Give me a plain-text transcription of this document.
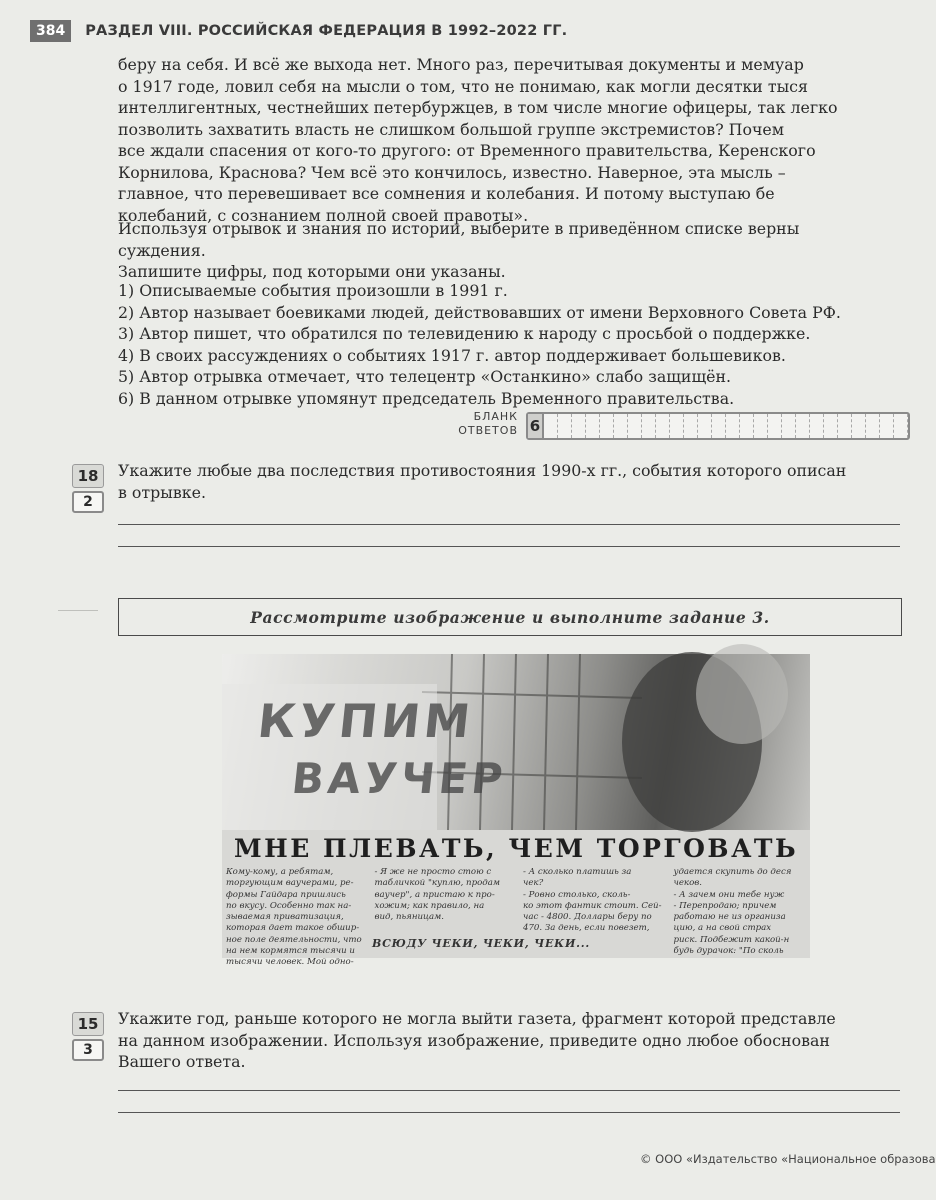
384	РАЗДЕЛ VIII. РОССИЙСКАЯ ФЕДЕРАЦИЯ В 1992–2022 ГГ.
беру на себя. И всё же выхода нет. Много раз, перечитывая документы и мемуар
о 1917 годе, ловил себя на мысли о том, что не понимаю, как могли десятки тыся
интеллигентных, честнейших петербуржцев, в том числе многие офицеры, так легко
позволить захватить власть не слишком большой группе экстремистов? Почем
все ждали спасения от кого-то другого: от Временного правительства, Керенского
Корнилова, Краснова? Чем всё это кончилось, известно. Наверное, эта мысль –
главное, что перевешивает все сомнения и колебания. И потому выступаю бе
колебаний, с сознанием полной своей правоты».
Используя отрывок и знания по истории, выберите в приведённом списке верны
суждения.
Запишите цифры, под которыми они указаны.
1) Описываемые события произошли в 1991 г.
2) Автор называет боевиками людей, действовавших от имени Верховного Совета РФ.
3) Автор пишет, что обратился по телевидению к народу с просьбой о поддержке.
4) В своих рассуждениях о событиях 1917 г. автор поддерживает большевиков.
5) Автор отрывка отмечает, что телецентр «Останкино» слабо защищён.
6) В данном отрывке упомянут председатель Временного правительства.
БЛАНК
ОТВЕТОВ 6
18
2
Укажите любые два последствия противостояния 1990-х гг., события которого описан
в отрывке.
Рассмотрите изображение и выполните задание 3.
КУПИМ
ВАУЧЕР
МНЕ ПЛЕВАТЬ, ЧЕМ ТОРГОВАТЬ
Кому-кому, а ребятам,
торгующим ваучерами, ре-
формы Гайдара пришлись
по вкусу. Особенно так на-
зываемая приватизация,
которая дает такое обшир-
ное поле деятельности, что
на нем кормятся тысячи и
тысячи человек. Мой одно-
- Я же не просто стою с
табличкой "куплю, продам
ваучер", а пристаю к про-
хожим; как правило, на
вид, пьяницам.
- А сколько платишь за
чек?
- Ровно столько, сколь-
ко этот фантик стоит. Сей-
час - 4800. Доллары беру по
470. За день, если повезет,
удается скупить до деся
чеков.
- А зачем они тебе нуж
- Перепродаю; причем
работаю не из организа
цию, а на свой страх
риск. Подбежит какой-н
будь дурачок: "По сколь
ВСЮДУ ЧЕКИ, ЧЕКИ, ЧЕКИ...
15
3
Укажите год, раньше которого не могла выйти газета, фрагмент которой представле
на данном изображении. Используя изображение, приведите одно любое обоснован
Вашего ответа.
© ООО «Издательство «Национальное образова
